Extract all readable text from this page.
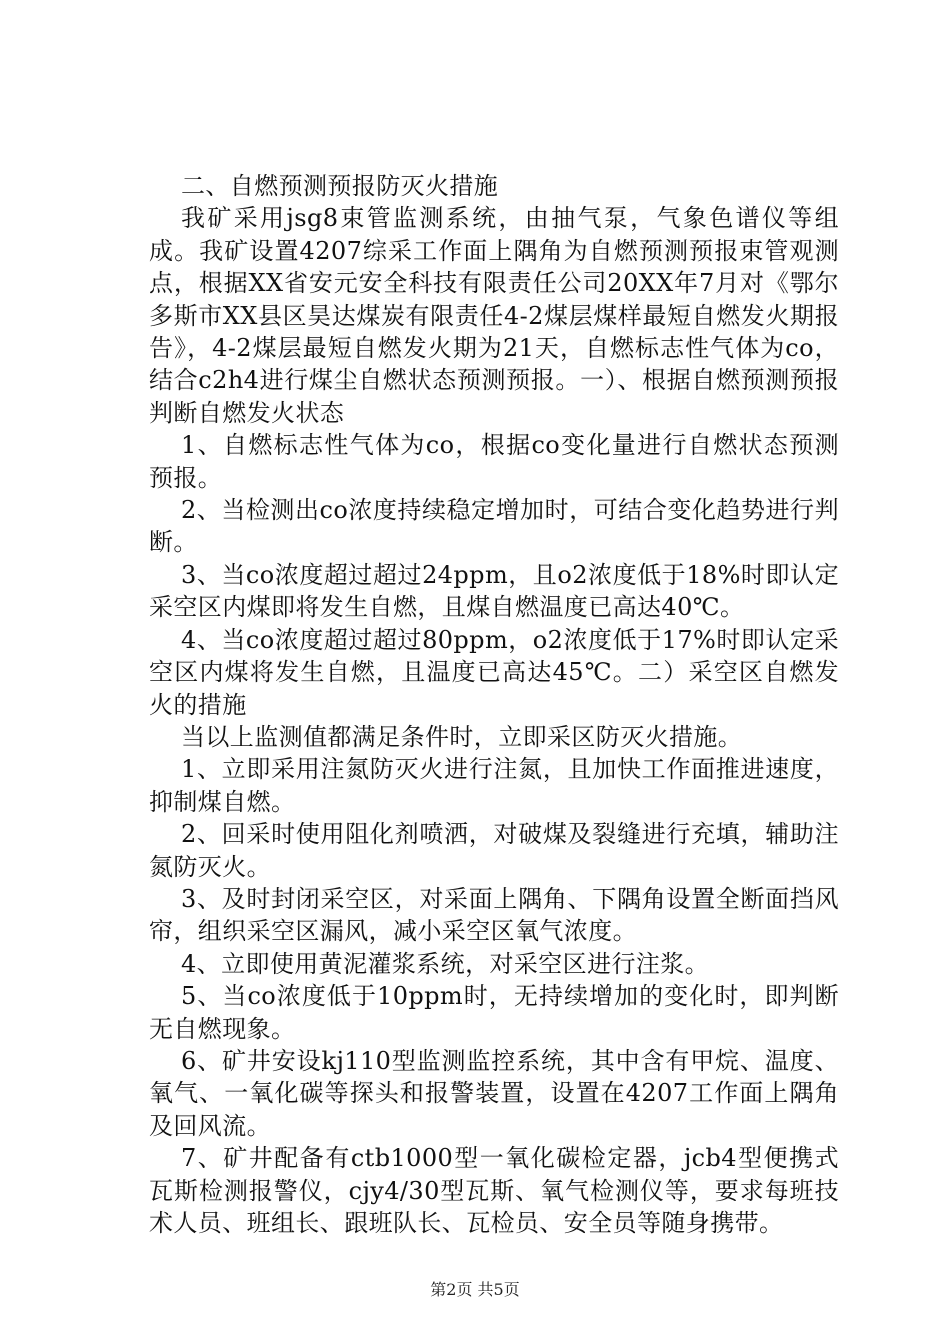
二、自燃预测预报防灭火措施

我矿采用jsg8束管监测系统，由抽气泵，气象色谱仪等组成。我矿设置4207综采工作面上隅角为自燃预测预报束管观测点，根据XX省安元安全科技有限责任公司20XX年7月对《鄂尔多斯市XX县区昊达煤炭有限责任4-2煤层煤样最短自燃发火期报告》，4-2煤层最短自燃发火期为21天，自燃标志性气体为co，结合c2h4进行煤尘自燃状态预测预报。一）、根据自燃预测预报判断自燃发火状态

1、自燃标志性气体为co，根据co变化量进行自燃状态预测预报。

2、当检测出co浓度持续稳定增加时，可结合变化趋势进行判断。

3、当co浓度超过超过24ppm，且o2浓度低于18%时即认定采空区内煤即将发生自燃，且煤自燃温度已高达40℃。

4、当co浓度超过超过80ppm，o2浓度低于17%时即认定采空区内煤将发生自燃，且温度已高达45℃。二）采空区自燃发火的措施

当以上监测值都满足条件时，立即采区防灭火措施。

1、立即采用注氮防灭火进行注氮，且加快工作面推进速度，抑制煤自燃。

2、回采时使用阻化剂喷洒，对破煤及裂缝进行充填，辅助注氮防灭火。

3、及时封闭采空区，对采面上隅角、下隅角设置全断面挡风帘，组织采空区漏风，减小采空区氧气浓度。

4、立即使用黄泥灌浆系统，对采空区进行注浆。

5、当co浓度低于10ppm时，无持续增加的变化时，即判断无自燃现象。

6、矿井安设kj110型监测监控系统，其中含有甲烷、温度、氧气、一氧化碳等探头和报警装置，设置在4207工作面上隅角及回风流。

7、矿井配备有ctb1000型一氧化碳检定器，jcb4型便携式瓦斯检测报警仪，cjy4/30型瓦斯、氧气检测仪等，要求每班技术人员、班组长、跟班队长、瓦检员、安全员等随身携带。

第2页 共5页
